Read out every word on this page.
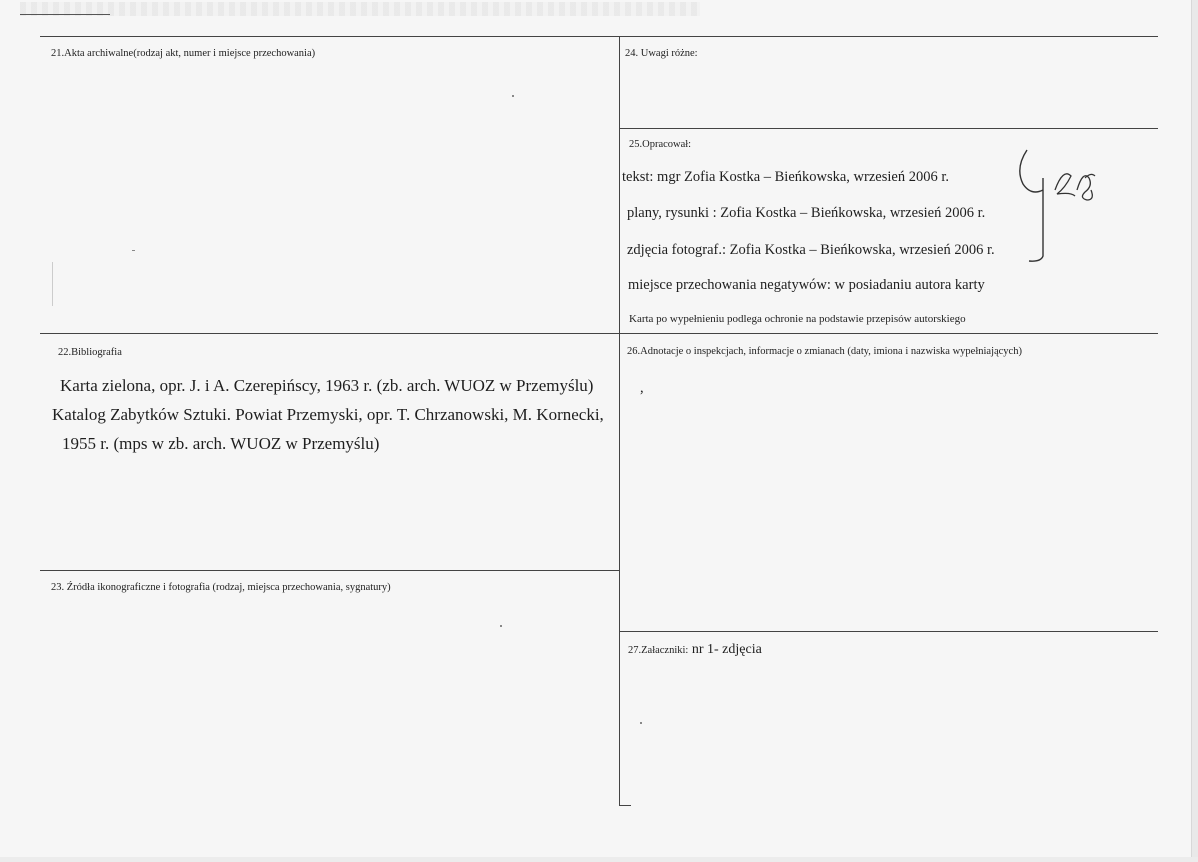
21.Akta archiwalne(rodzaj akt, numer i miejsce przechowania)
22.Bibliografia
Karta zielona, opr. J. i A. Czerepińscy, 1963 r. (zb. arch. WUOZ w Przemyślu)
Katalog Zabytków Sztuki. Powiat Przemyski, opr. T. Chrzanowski, M. Kornecki,
1955 r. (mps w zb. arch. WUOZ w Przemyślu)
23. Źródła ikonograficzne i fotografia (rodzaj, miejsca przechowania, sygnatury)
24. Uwagi różne:
25.Opracował:
tekst: mgr Zofia Kostka – Bieńkowska, wrzesień 2006 r.
plany, rysunki : Zofia Kostka – Bieńkowska, wrzesień 2006 r.
zdjęcia fotograf.: Zofia Kostka – Bieńkowska, wrzesień 2006 r.
miejsce przechowania negatywów: w posiadaniu autora karty
Karta po wypełnieniu podlega ochronie na podstawie przepisów autorskiego
26.Adnotacje o inspekcjach, informacje o zmianach (daty, imiona i nazwiska wypełniających)
,
27.Załaczniki: nr 1- zdjęcia
